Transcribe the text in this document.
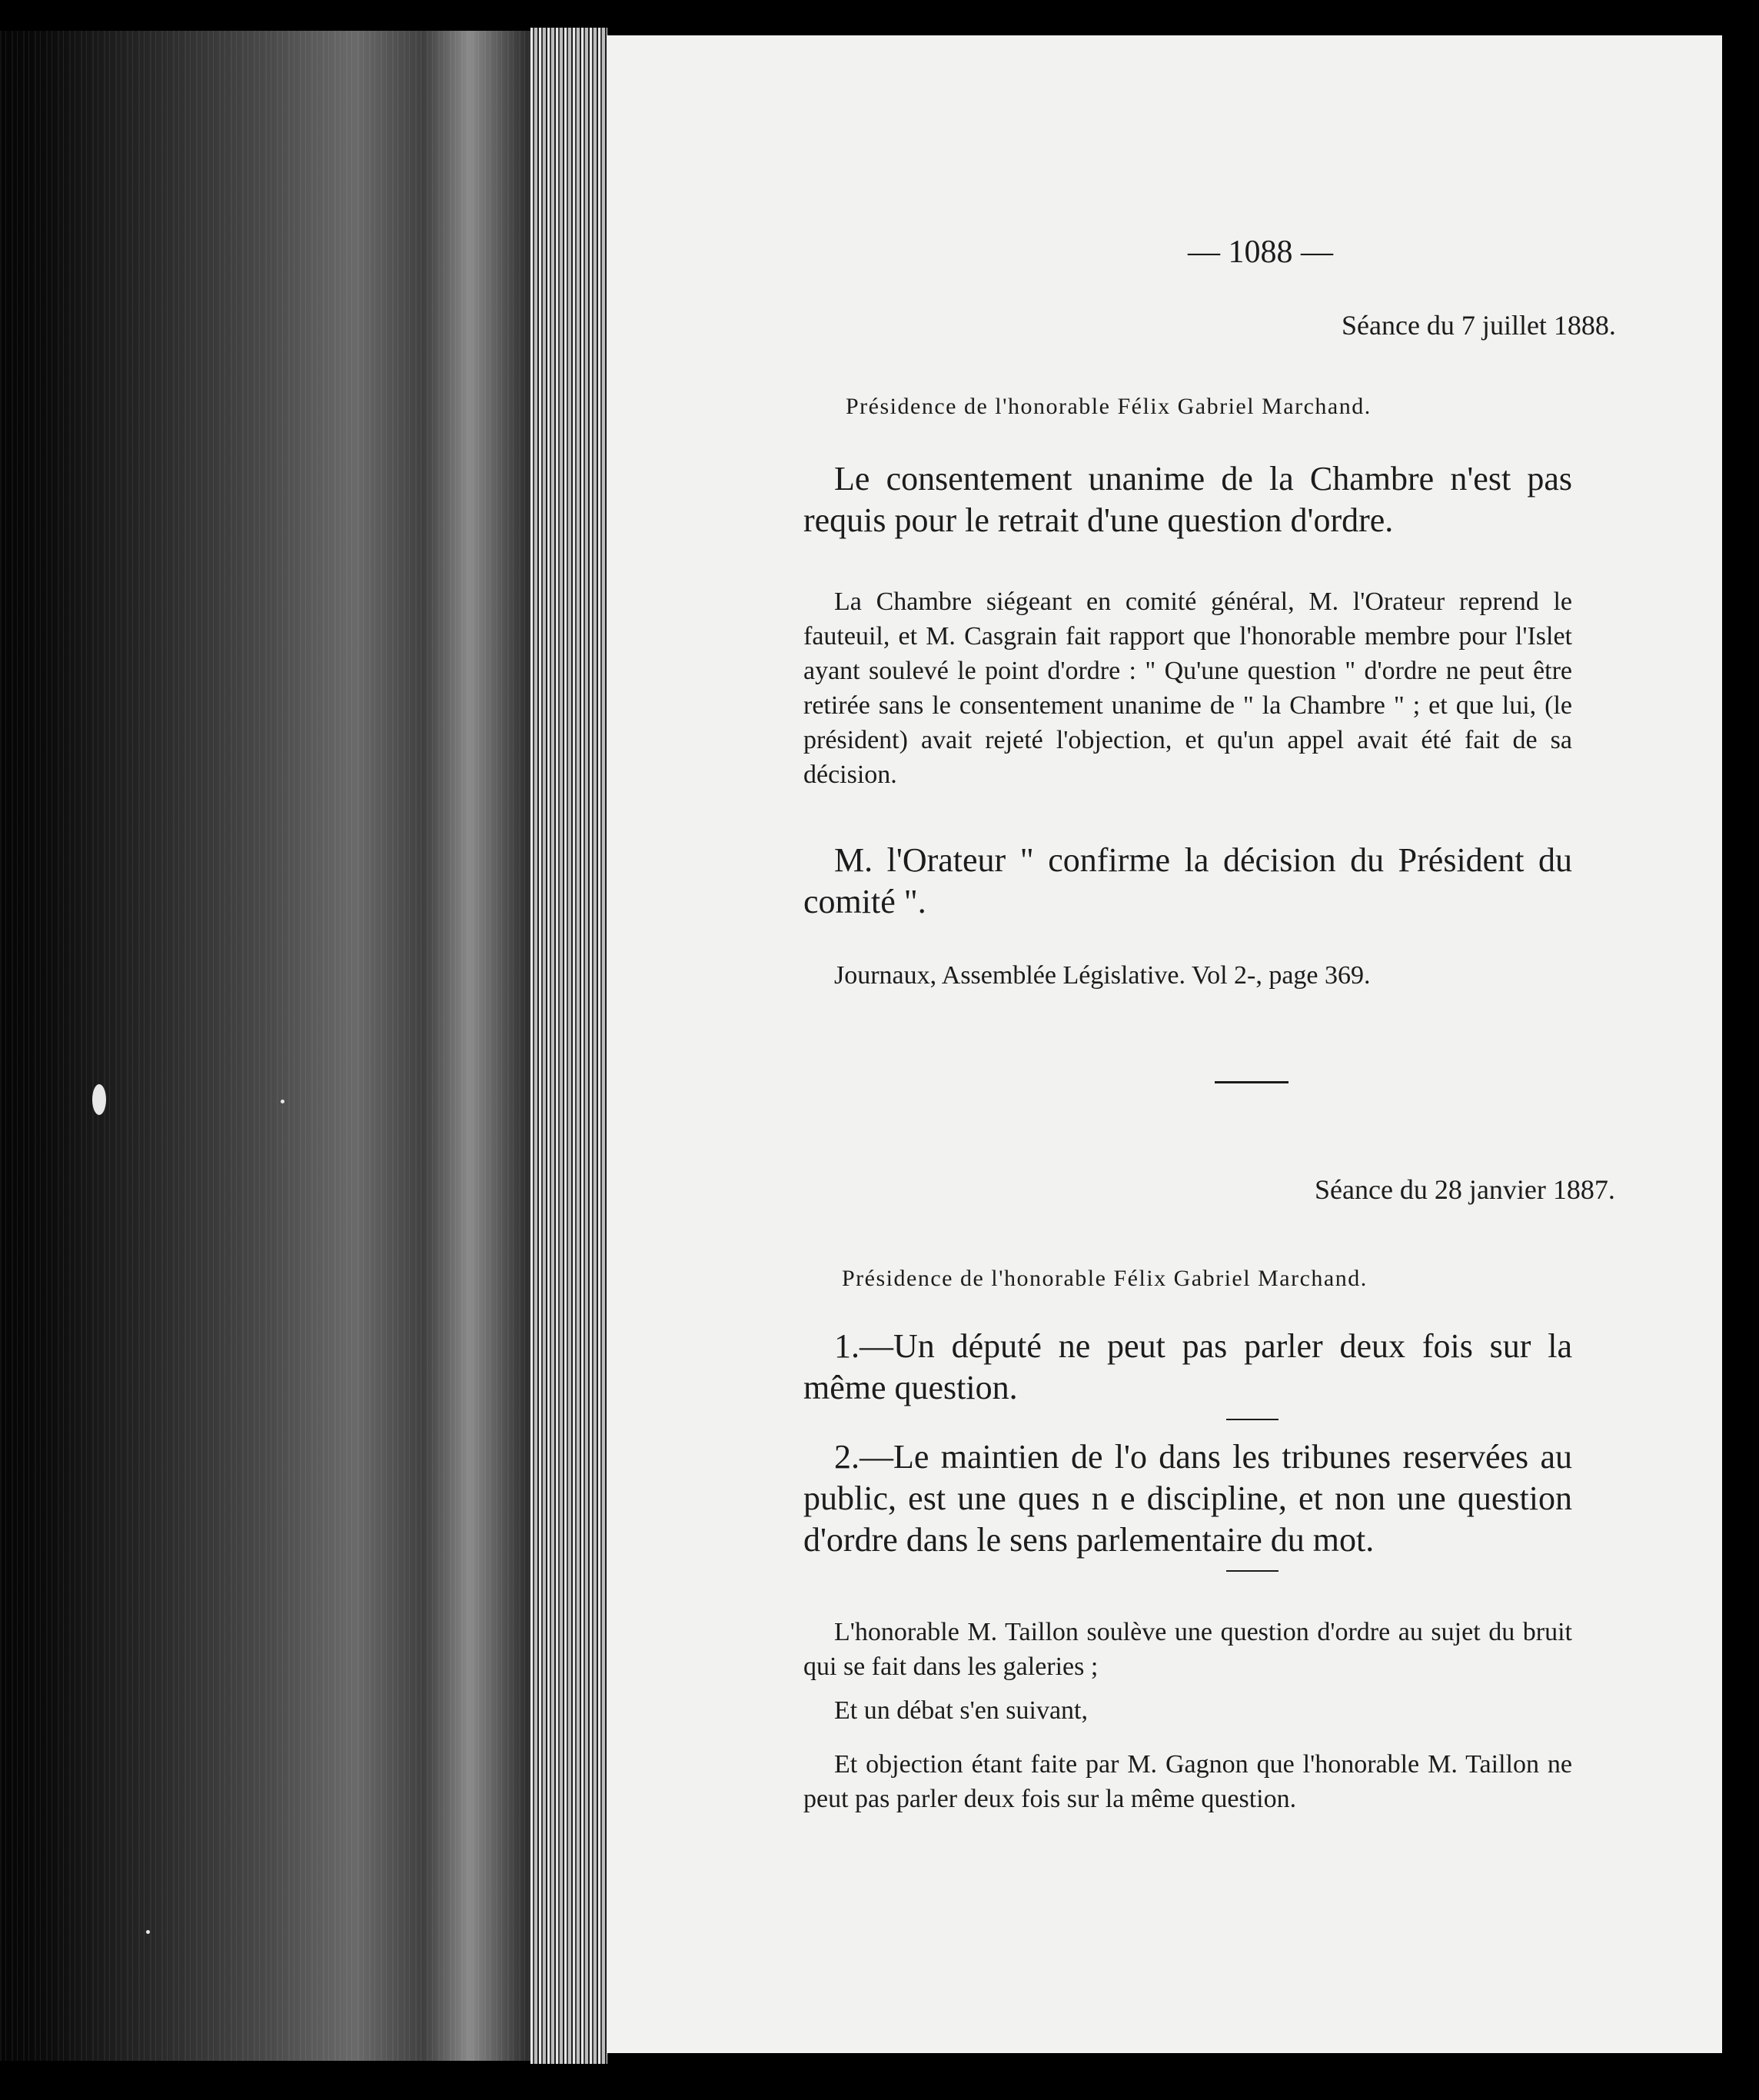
— 1088 —

Séance du 7 juillet 1888.

Présidence de l'honorable Félix Gabriel Marchand.

Le consentement unanime de la Chambre n'est pas requis pour le retrait d'une question d'ordre.

La Chambre siégeant en comité général, M. l'Orateur reprend le fauteuil, et M. Casgrain fait rapport que l'honorable membre pour l'Islet ayant soulevé le point d'ordre : " Qu'une question " d'ordre ne peut être retirée sans le consentement unanime de " la Chambre " ; et que lui, (le président) avait rejeté l'objection, et qu'un appel avait été fait de sa décision.

M. l'Orateur " confirme la décision du Président du comité ".

Journaux, Assemblée Législative. Vol 2-, page 369.

Séance du 28 janvier 1887.

Présidence de l'honorable Félix Gabriel Marchand.

1.—Un député ne peut pas parler deux fois sur la même question.

2.—Le maintien de l'o dans les tribunes reservées au public, est une ques n e discipline, et non une question d'ordre dans le sens parlementaire du mot.

L'honorable M. Taillon soulève une question d'ordre au sujet du bruit qui se fait dans les galeries ;

Et un débat s'en suivant,

Et objection étant faite par M. Gagnon que l'honorable M. Taillon ne peut pas parler deux fois sur la même question.
